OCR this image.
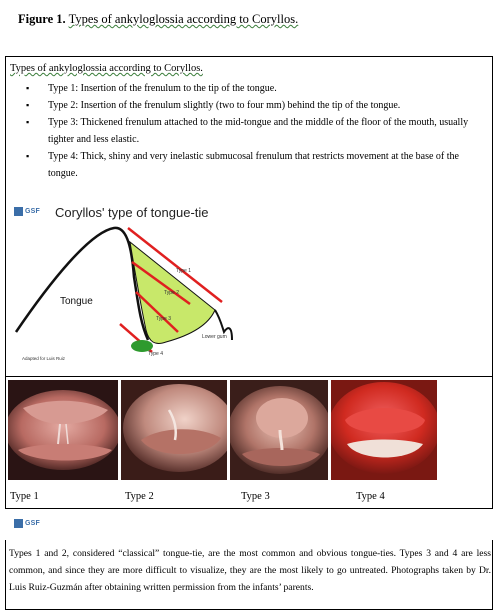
Figure 1. Types of ankyloglossia according to Coryllos.
Types of ankyloglossia according to Coryllos.
▪ Type 1: Insertion of the frenulum to the tip of the tongue.
▪ Type 2: Insertion of the frenulum slightly (two to four mm) behind the tip of the tongue.
▪ Type 3: Thickened frenulum attached to the mid-tongue and the middle of the floor of the mouth, usually tighter and less elastic.
▪ Type 4: Thick, shiny and very inelastic submucosal frenulum that restricts movement at the base of the tongue.
GSF Coryllos' type of tongue-tie
Tongue
Type 1
Type 2
Type 3
Type 4
Lower gum
Adapted for Luis Ruiz
Type 1	Type 2	Type 3	Type 4
GSF
Types 1 and 2, considered “classical” tongue-tie, are the most common and obvious tongue-ties. Types 3 and 4 are less common, and since they are more difficult to visualize, they are the most likely to go untreated. Photographs taken by Dr. Luis Ruiz-Guzmán after obtaining written permission from the infants’ parents.
